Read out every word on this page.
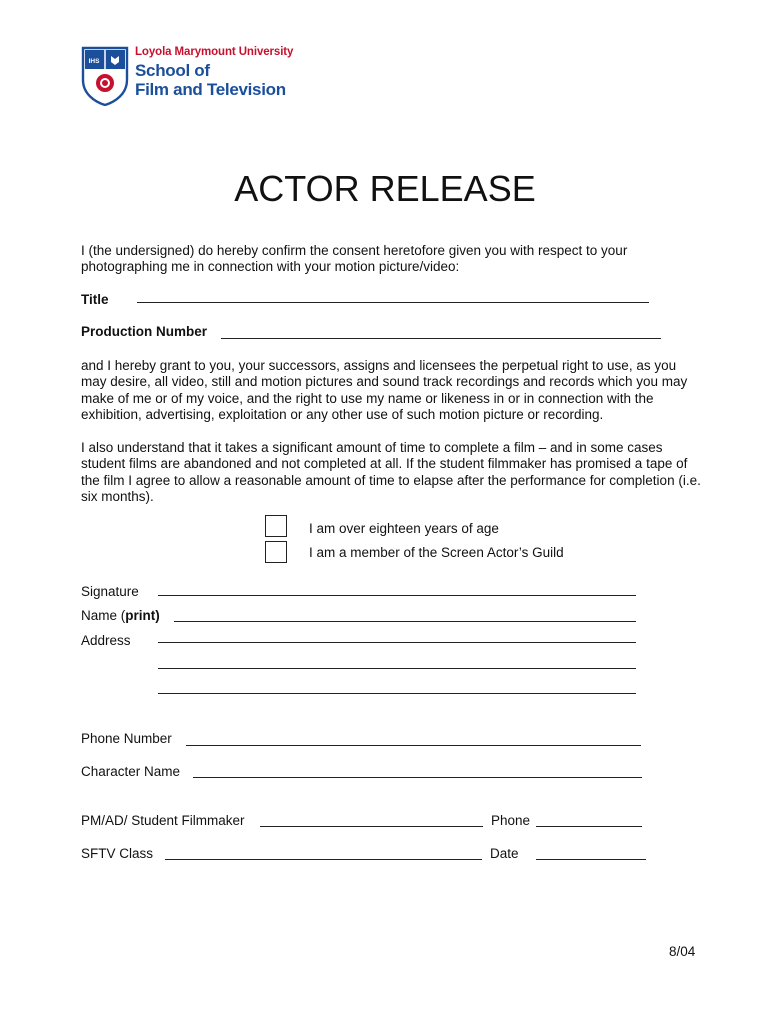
IHS
Loyola Marymount University
School of
Film and Television
ACTOR RELEASE
I (the undersigned) do hereby confirm the consent heretofore given you with respect to your photographing me in connection with your motion picture/video:
Title
Production Number
and I hereby grant to you, your successors, assigns and licensees the perpetual right to use, as you may desire, all video, still and motion pictures and sound track recordings and records which you may make of me or of my voice, and the right to use my name or likeness in or in connection with the exhibition, advertising, exploitation or any other use of such motion picture or recording.
I also understand that it takes a significant amount of time to complete a film – and in some cases student films are abandoned and not completed at all. If the student filmmaker has promised a tape of the film I agree to allow a reasonable amount of time to elapse after the performance for completion (i.e. six months).
I am over eighteen years of age
I am a member of the Screen Actor’s Guild
Signature
Name (print)
Address
Phone Number
Character Name
PM/AD/ Student Filmmaker	Phone
SFTV Class	Date
8/04
